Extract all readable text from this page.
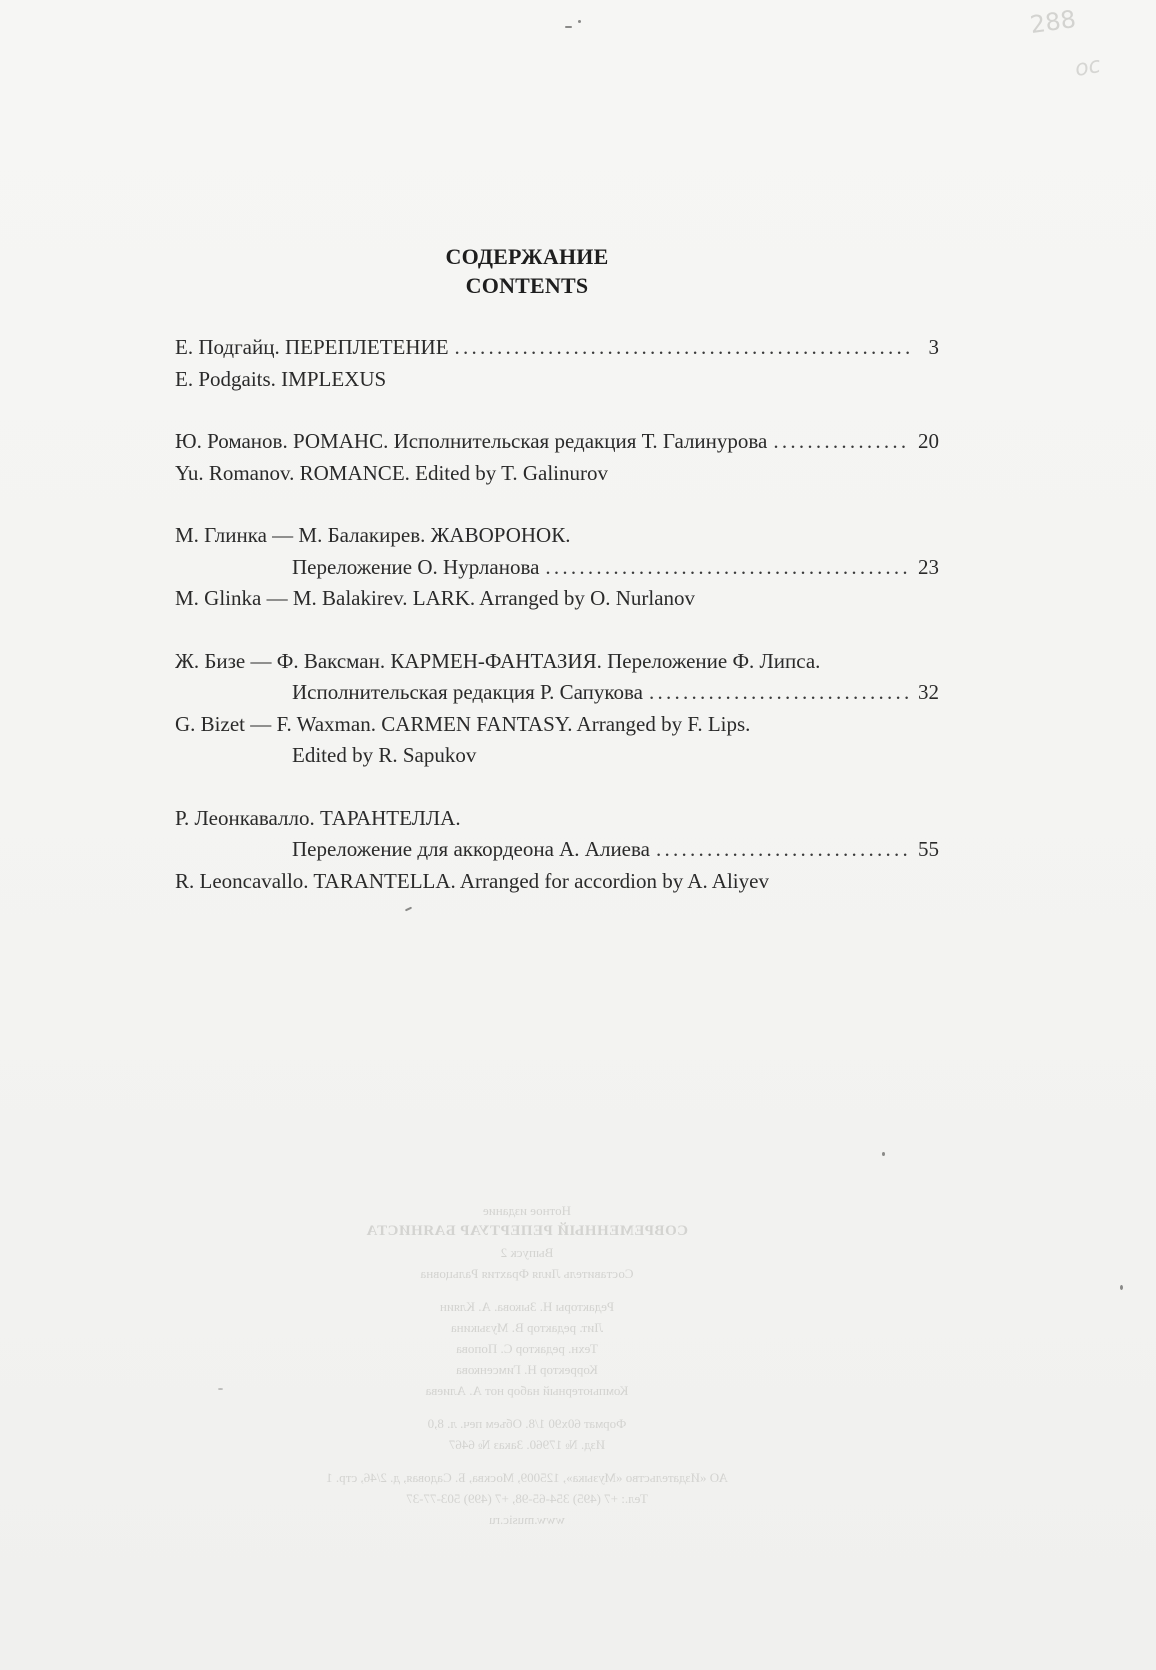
288
ос
СОДЕРЖАНИЕ
CONTENTS
Е. Подгайц. ПЕРЕПЛЕТЕНИЕ . . .	3
E. Podgaits. IMPLEXUS
Ю. Романов. РОМАНС. Исполнительская редакция Т. Галинурова . . .	20
Yu. Romanov. ROMANCE. Edited by T. Galinurov
М. Глинка — М. Балакирев. ЖАВОРОНОК.
Переложение О. Нурланова . . .	23
M. Glinka — M. Balakirev. LARK. Arranged by O. Nurlanov
Ж. Бизе — Ф. Ваксман. КАРМЕН-ФАНТАЗИЯ. Переложение Ф. Липса.
Исполнительская редакция Р. Сапукова . . .	32
G. Bizet — F. Waxman. CARMEN FANTASY. Arranged by F. Lips.
Edited by R. Sapukov
Р. Леонкавалло. ТАРАНТЕЛЛА.
Переложение для аккордеона А. Алиева . . .	55
R. Leoncavallo. TARANTELLA. Arranged for accordion by A. Aliyev
Нотное издание
СОВРЕМЕННЫЙ РЕПЕРТУАР БАЯНИСТА
Выпуск 2
Составитель Лиля Фрахтия Ральцовна
Редакторы Н. Зыкова. А. Кляин
Лит. редактор В. Музыкина
Техн. редактор С. Попова
Корректор Н. Гимсенкова
Компьютерный набор нот А. Алиева
Формат 60x90 1/8. Объем печ. л. 8,0
Изд. № 17960. Заказ № 6467
АО «Издательство «Музыка», 125009, Москва, Б. Садовая, д. 2/46, стр. 1
Тел.: +7 (495) 354-65-98, +7 (499) 503-77-37
www.music.ru
